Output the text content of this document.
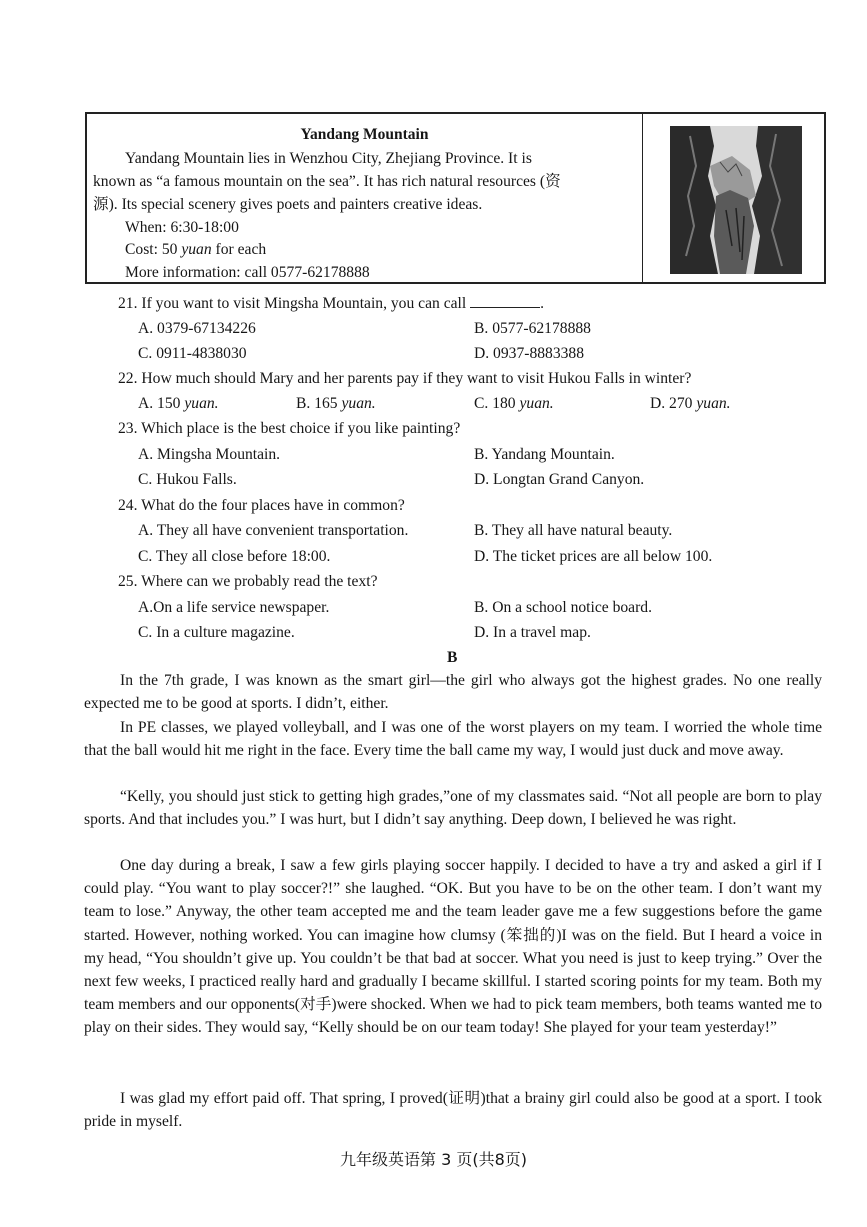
Yandang Mountain
Yandang Mountain lies in Wenzhou City, Zhejiang Province. It is
known as “a famous mountain on the sea”. It has rich natural resources (资
源). Its special scenery gives poets and painters creative ideas.
When: 6:30-18:00
Cost: 50 yuan for each
More information: call 0577-62178888
21. If you want to visit Mingsha Mountain, you can call	.
A. 0379-67134226	B. 0577-62178888
C. 0911-4838030	D. 0937-8883388
22. How much should Mary and her parents pay if they want to visit Hukou Falls in winter?
A. 150 yuan.	B. 165 yuan.	C. 180 yuan.	D. 270 yuan.
23. Which place is the best choice if you like painting?
A. Mingsha Mountain.	B. Yandang Mountain.
C. Hukou Falls.	D. Longtan Grand Canyon.
24. What do the four places have in common?
A. They all have convenient transportation.	B. They all have natural beauty.
C. They all close before 18:00.	D. The ticket prices are all below 100.
25. Where can we probably read the text?
A.On a life service newspaper.	B. On a school notice board.
C. In a culture magazine.	D. In a travel map.
B
In the 7th grade, I was known as the smart girl—the girl who always got the highest grades. No one really expected me to be good at sports. I didn’t, either.
In PE classes, we played volleyball, and I was one of the worst players on my team. I worried the whole time that the ball would hit me right in the face. Every time the ball came my way, I would just duck and move away.
“Kelly, you should just stick to getting high grades,”one of my classmates said. “Not all people are born to play sports. And that includes you.” I was hurt, but I didn’t say anything. Deep down, I believed he was right.
One day during a break, I saw a few girls playing soccer happily. I decided to have a try and asked a girl if I could play. “You want to play soccer?!” she laughed. “OK. But you have to be on the other team. I don’t want my team to lose.” Anyway, the other team accepted me and the team leader gave me a few suggestions before the game started. However, nothing worked. You can imagine how clumsy (笨拙的)I was on the field. But I heard a voice in my head, “You shouldn’t give up. You couldn’t be that bad at soccer. What you need is just to keep trying.” Over the next few weeks, I practiced really hard and gradually I became skillful. I started scoring points for my team. Both my team members and our opponents(对手)were shocked. When we had to pick team members, both teams wanted me to play on their sides. They would say, “Kelly should be on our team today! She played for your team yesterday!”
I was glad my effort paid off. That spring, I proved(证明)that a brainy girl could also be good at a sport. I took pride in myself.
九年级英语第 3 页(共8页)
